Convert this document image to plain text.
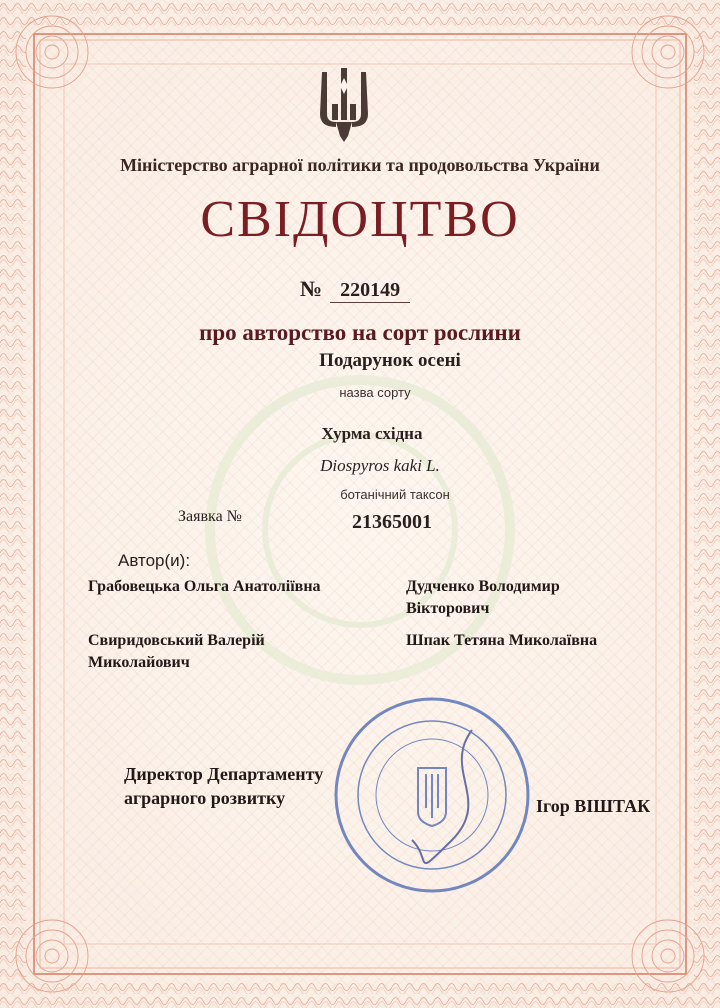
Міністерство аграрної політики та продовольства України
СВІДОЦТВО
№ 220149
про авторство на сорт рослини
Подарунок осені
назва сорту
Хурма східна
Diospyros kaki L.
ботанічний таксон
Заявка №	21365001
Автор(и):
Грабовецька Ольга Анатоліївна
Свиридовський Валерій Миколайович
Дудченко Володимир Вікторович
Шпак Тетяна Миколаївна
Директор Департаменту аграрного розвитку	Ігор ВІШТАК
